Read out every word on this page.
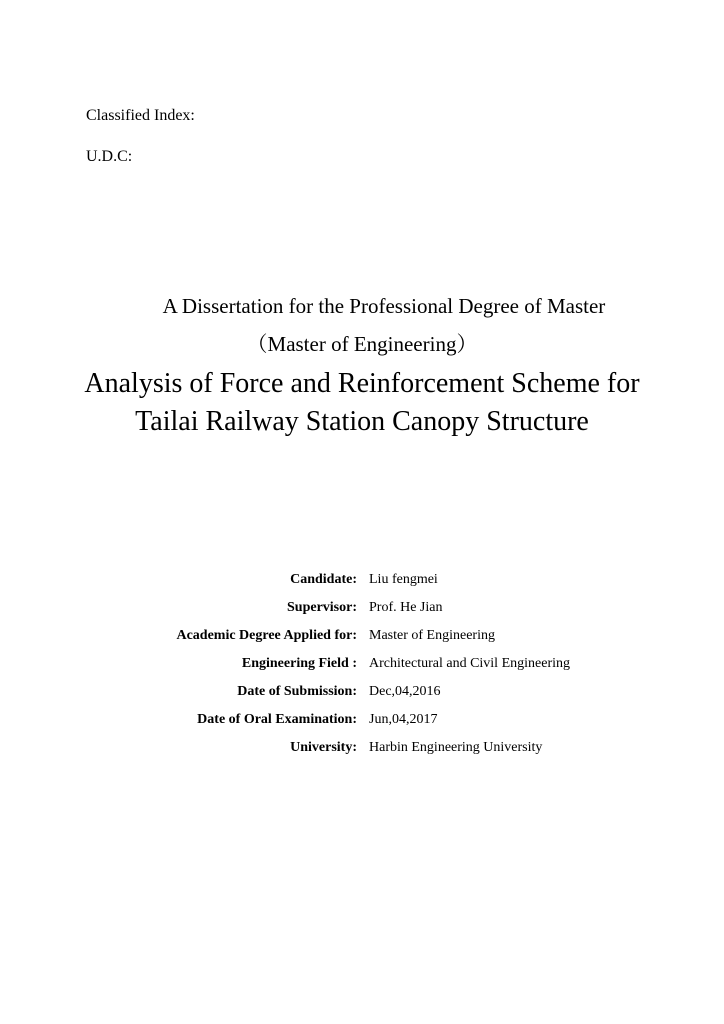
Classified Index:
U.D.C:
A Dissertation for the Professional Degree of Master
（Master of Engineering）
Analysis of Force and Reinforcement Scheme for
Tailai Railway Station Canopy Structure
Candidate: Liu fengmei
Supervisor: Prof. He Jian
Academic Degree Applied for: Master of Engineering
Engineering Field : Architectural and Civil Engineering
Date of Submission: Dec,04,2016
Date of Oral Examination: Jun,04,2017
University: Harbin Engineering University
